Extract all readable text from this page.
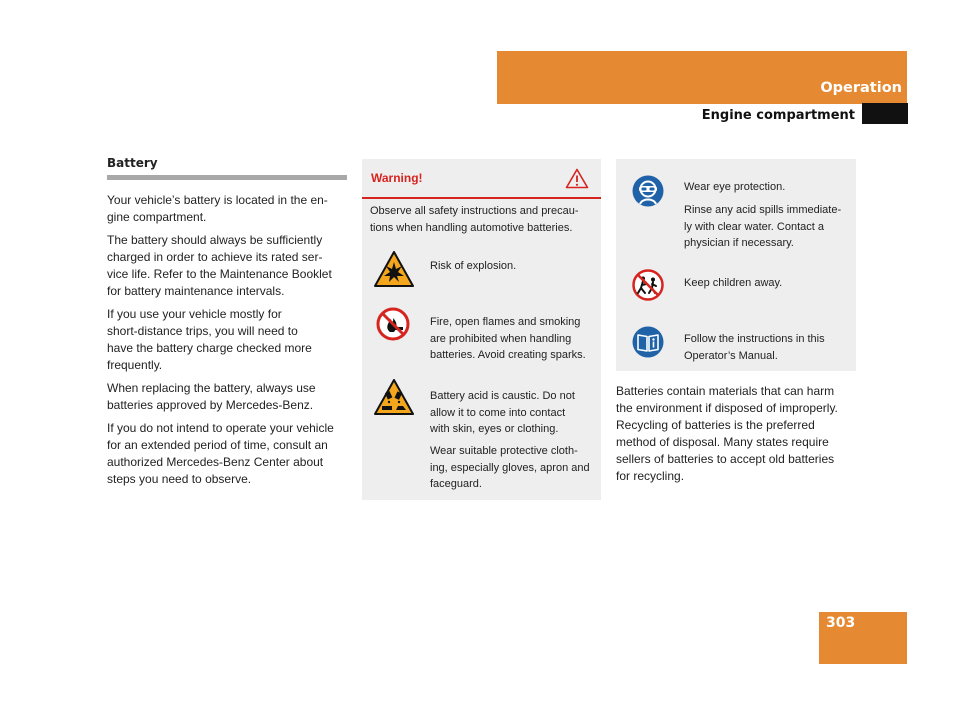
Operation
Engine compartment
Battery

Your vehicle’s battery is located in the en-
gine compartment.

The battery should always be sufficiently
charged in order to achieve its rated ser-
vice life. Refer to the Maintenance Booklet
for battery maintenance intervals.

If you use your vehicle mostly for
short-distance trips, you will need to
have the battery charge checked more
frequently.

When replacing the battery, always use
batteries approved by Mercedes-Benz.

If you do not intend to operate your vehicle
for an extended period of time, consult an
authorized Mercedes-Benz Center about
steps you need to observe.

Warning!
Observe all safety instructions and precau-
tions when handling automotive batteries.
Risk of explosion.
Fire, open flames and smoking
are prohibited when handling
batteries. Avoid creating sparks.
Battery acid is caustic. Do not
allow it to come into contact
with skin, eyes or clothing.
Wear suitable protective cloth-
ing, especially gloves, apron and
faceguard.
Wear eye protection.
Rinse any acid spills immediate-
ly with clear water. Contact a
physician if necessary.
Keep children away.
Follow the instructions in this
Operator’s Manual.
Batteries contain materials that can harm
the environment if disposed of improperly.
Recycling of batteries is the preferred
method of disposal. Many states require
sellers of batteries to accept old batteries
for recycling.
303
